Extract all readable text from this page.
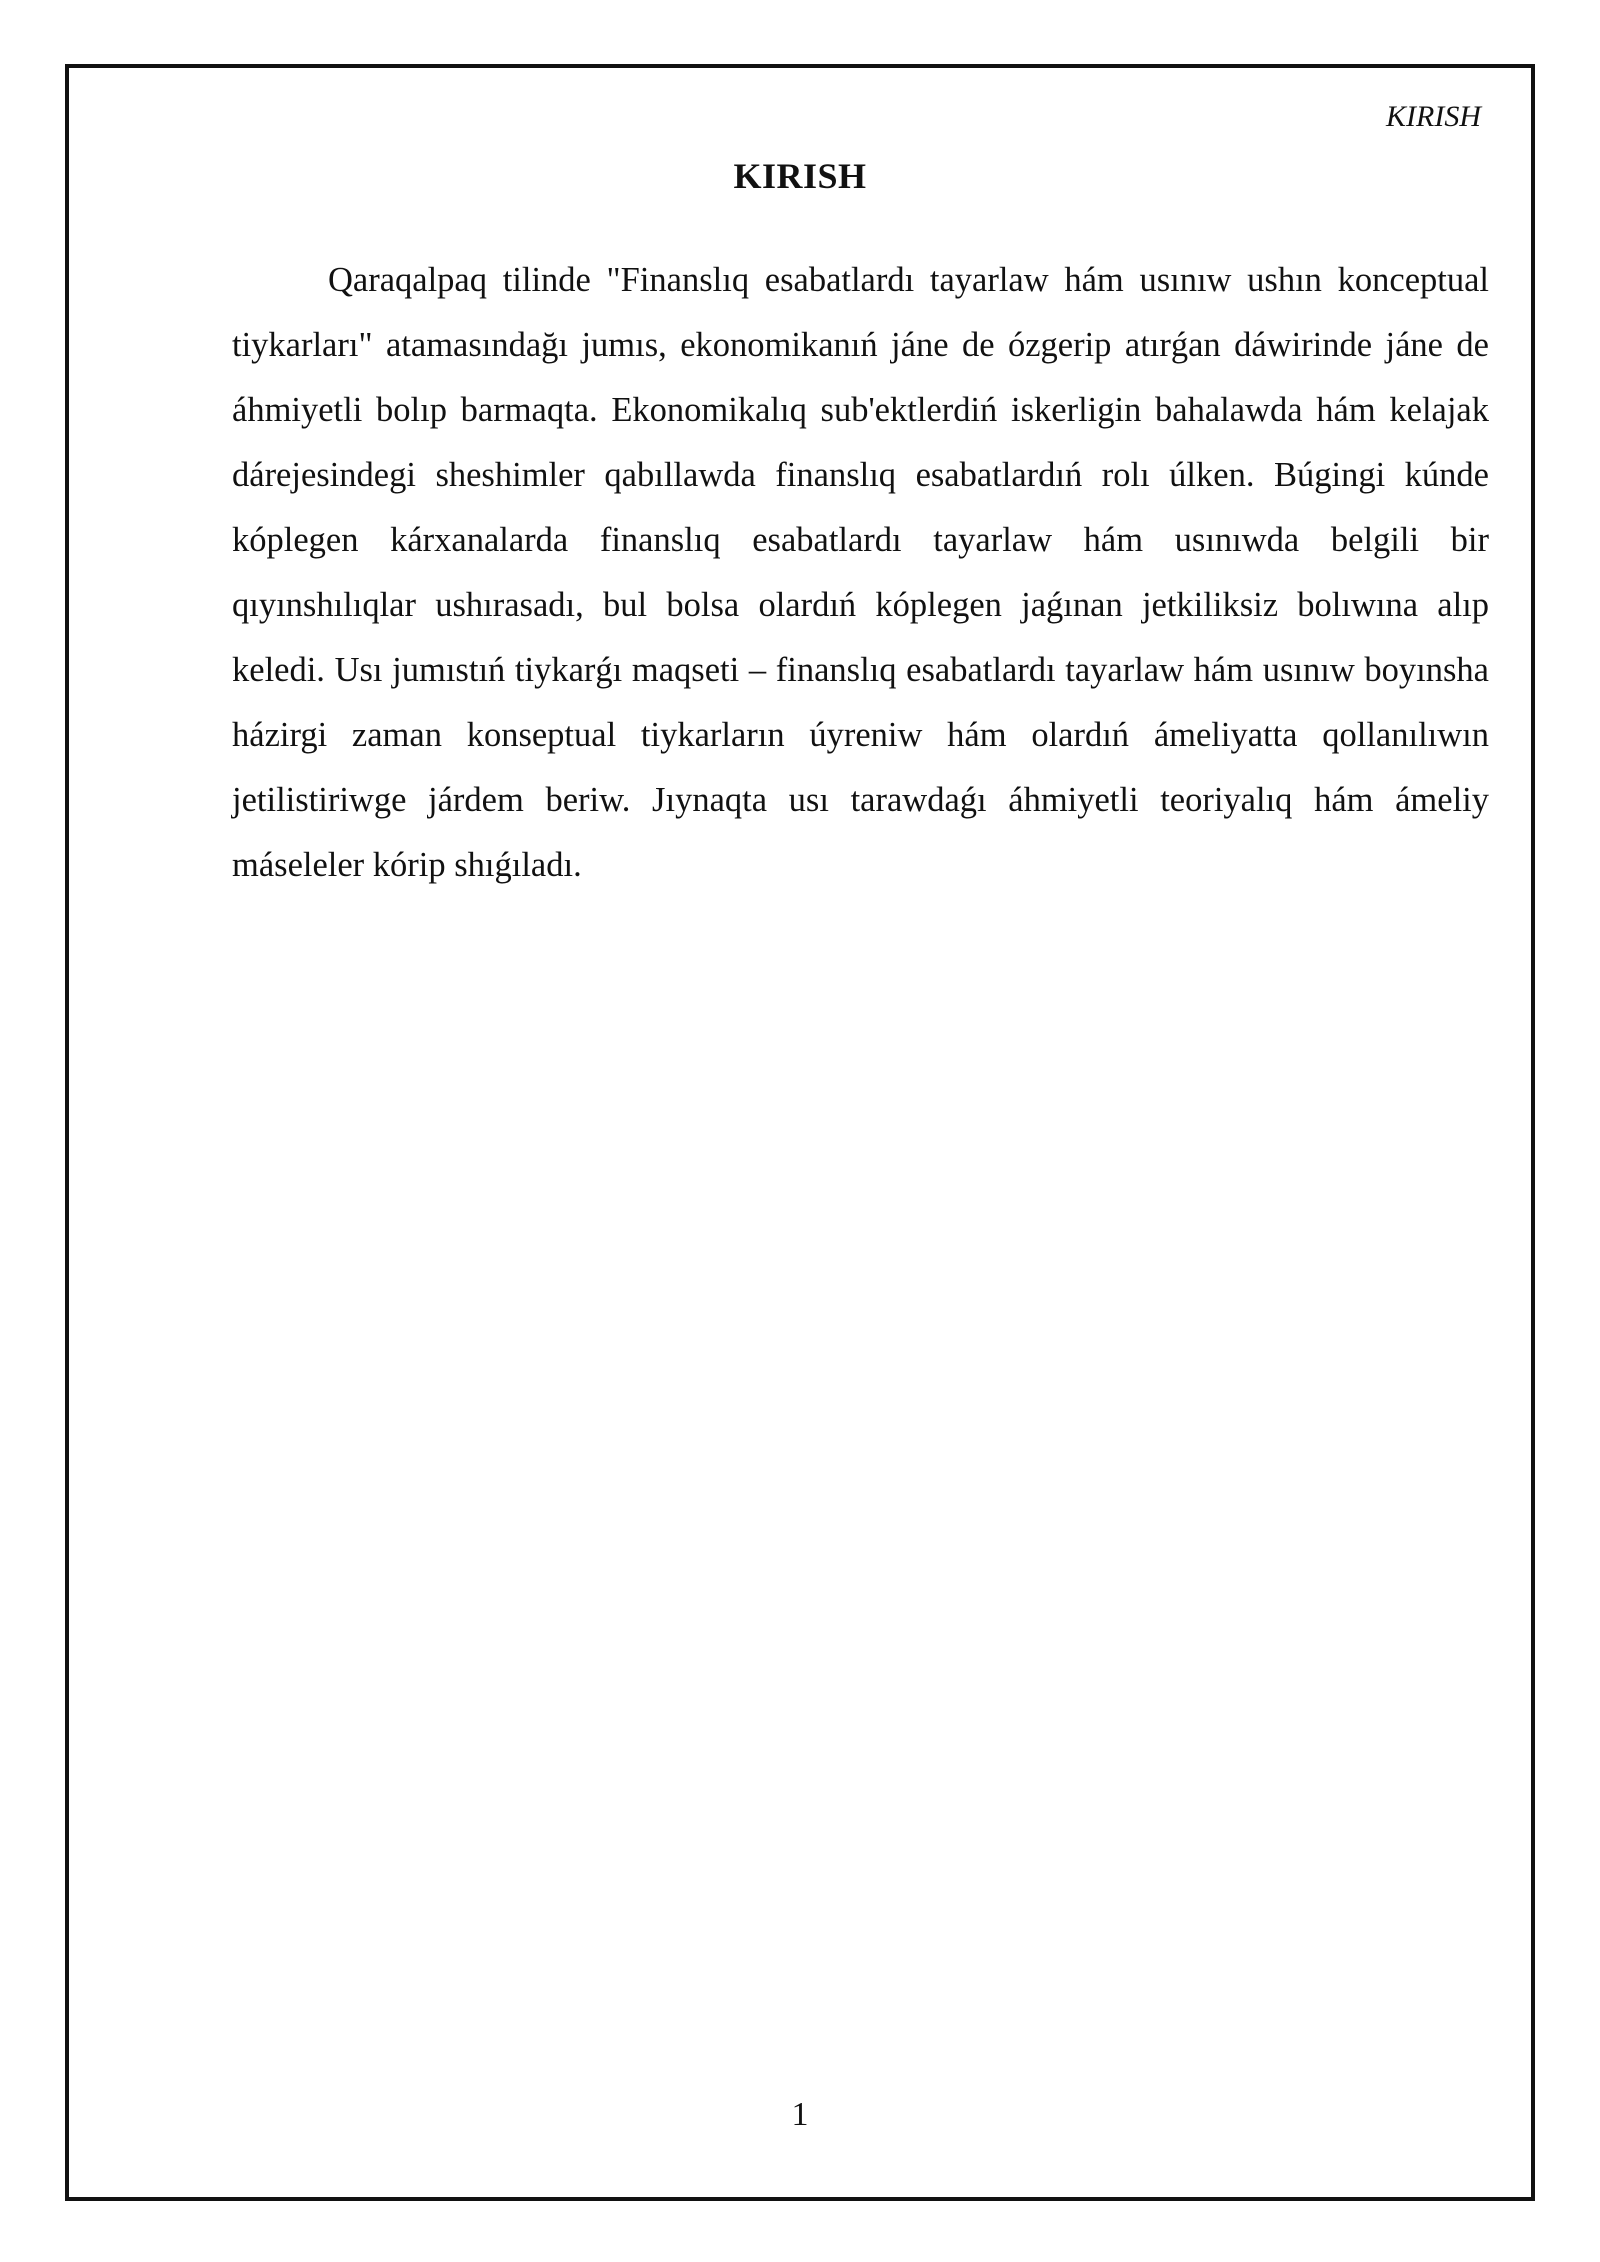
KIRISH
KIRISH

Qaraqalpaq tilinde "Finanslıq esabatlardı tayarlaw hám usınıw ushın konceptual tiykarları" atamasındağı jumıs, ekonomikanıń jáne de ózgerip atırǵan dáwirinde jáne de áhmiyetli bolıp barmaqta. Ekonomikalıq sub'ektlerdiń iskerligin bahalawda hám kelajak dárejesindegi sheshimler qabıllawda finanslıq esabatlardıń rolı úlken. Búgingi kúnde kóplegen kárxanalarda finanslıq esabatlardı tayarlaw hám usınıwda belgili bir qıyınshılıqlar ushırasadı, bul bolsa olardıń kóplegen jaǵınan jetkiliksiz bolıwına alıp keledi. Usı jumıstıń tiykarǵı maqseti – finanslıq esabatlardı tayarlaw hám usınıw boyınsha házirgi zaman konseptual tiykarların úyreniw hám olardıń ámeliyatta qollanılıwın jetilistiriwge járdem beriw. Jıynaqta usı tarawdaǵı áhmiyetli teoriyalıq hám ámeliy máseleler kórip shıǵıladı.

1
